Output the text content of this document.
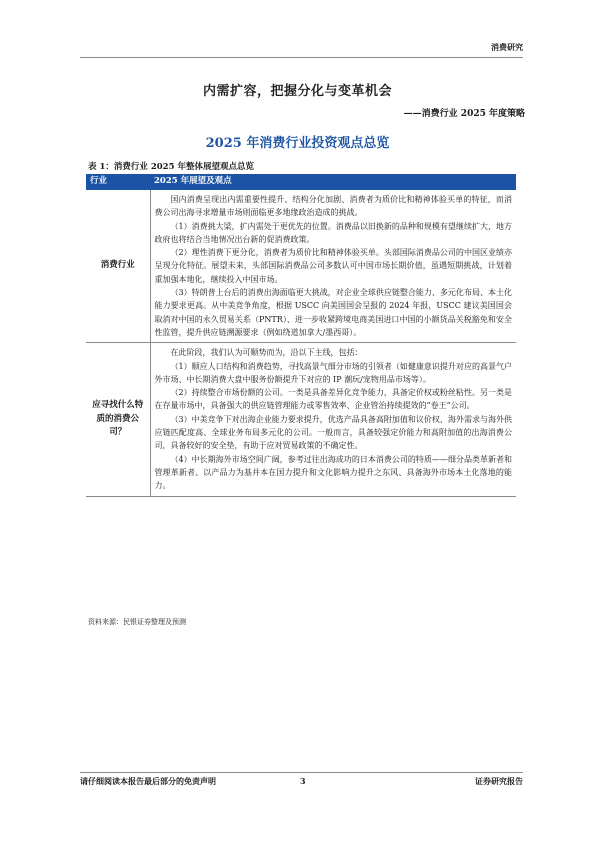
消费研究
内需扩容，把握分化与变革机会
——消费行业 2025 年度策略
2025 年消费行业投资观点总览
表 1：消费行业 2025 年整体展望观点总览
行业	2025 年展望及观点
消费行业	国内消费呈现出内需重要性提升、结构分化加剧、消费者为质价比和精神体验买单的特征，而消费公司出海寻求增量市场则面临更多地缘政治造成的挑战。

（1）消费挑大梁，扩内需处于更优先的位置。消费品以旧换新的品种和规模有望继续扩大，地方政府也将结合当地情况出台新的促消费政策。

（2）理性消费下更分化，消费者为质价比和精神体验买单。头部国际消费品公司的中国区业绩亦呈现分化特征。展望未来，头部国际消费品公司多数认可中国市场长期价值，虽遇短期挑战，计划着重加强本地化，继续投入中国市场。

（3）特朗普上台后的消费出海面临更大挑战，对企业全球供应链整合能力、多元化布局、本土化能力要求更高。从中美竞争角度，根据 USCC 向美国国会呈报的 2024 年报，USCC 建议美国国会取消对中国的永久贸易关系（PNTR）、进一步收紧跨境电商美国进口中国的小额货品关税豁免和安全性监管，提升供应链溯源要求（例如绕道加拿大/墨西哥）。

应寻找什么特质的消费公司？	在此阶段，我们认为可顺势而为，沿以下主线，包括：

（1）顺应人口结构和消费趋势，寻找高景气细分市场的引领者（如健康意识提升对应的高景气户外市场、中长期消费大盘中服务份额提升下对应的 IP 潮玩/宠物用品市场等）。

（2）持续整合市场份额的公司。一类是具备差异化竞争能力，具备定价权或粉丝粘性。另一类是在存量市场中，具备强大的供应链管理能力或零售效率、企业管治持续提效的“卷王”公司。

（3）中美竞争下对出海企业能力要求提升，优选产品具备高附加值和议价权、海外需求与海外供应链匹配度高、全球业务布局多元化的公司。一般而言，具备较强定价能力和高附加值的出海消费公司，具备较好的安全垫，有助于应对贸易政策的不确定性。

（4）中长期海外市场空间广阔，参考过往出海成功的日本消费公司的特质——细分品类革新者和管理革新者、以产品力为基并本在国力提升和文化影响力提升之东风、具备海外市场本土化落地的能力。

资料来源：民银证券整理及预测
请仔细阅读本报告最后部分的免责声明	3	证券研究报告
